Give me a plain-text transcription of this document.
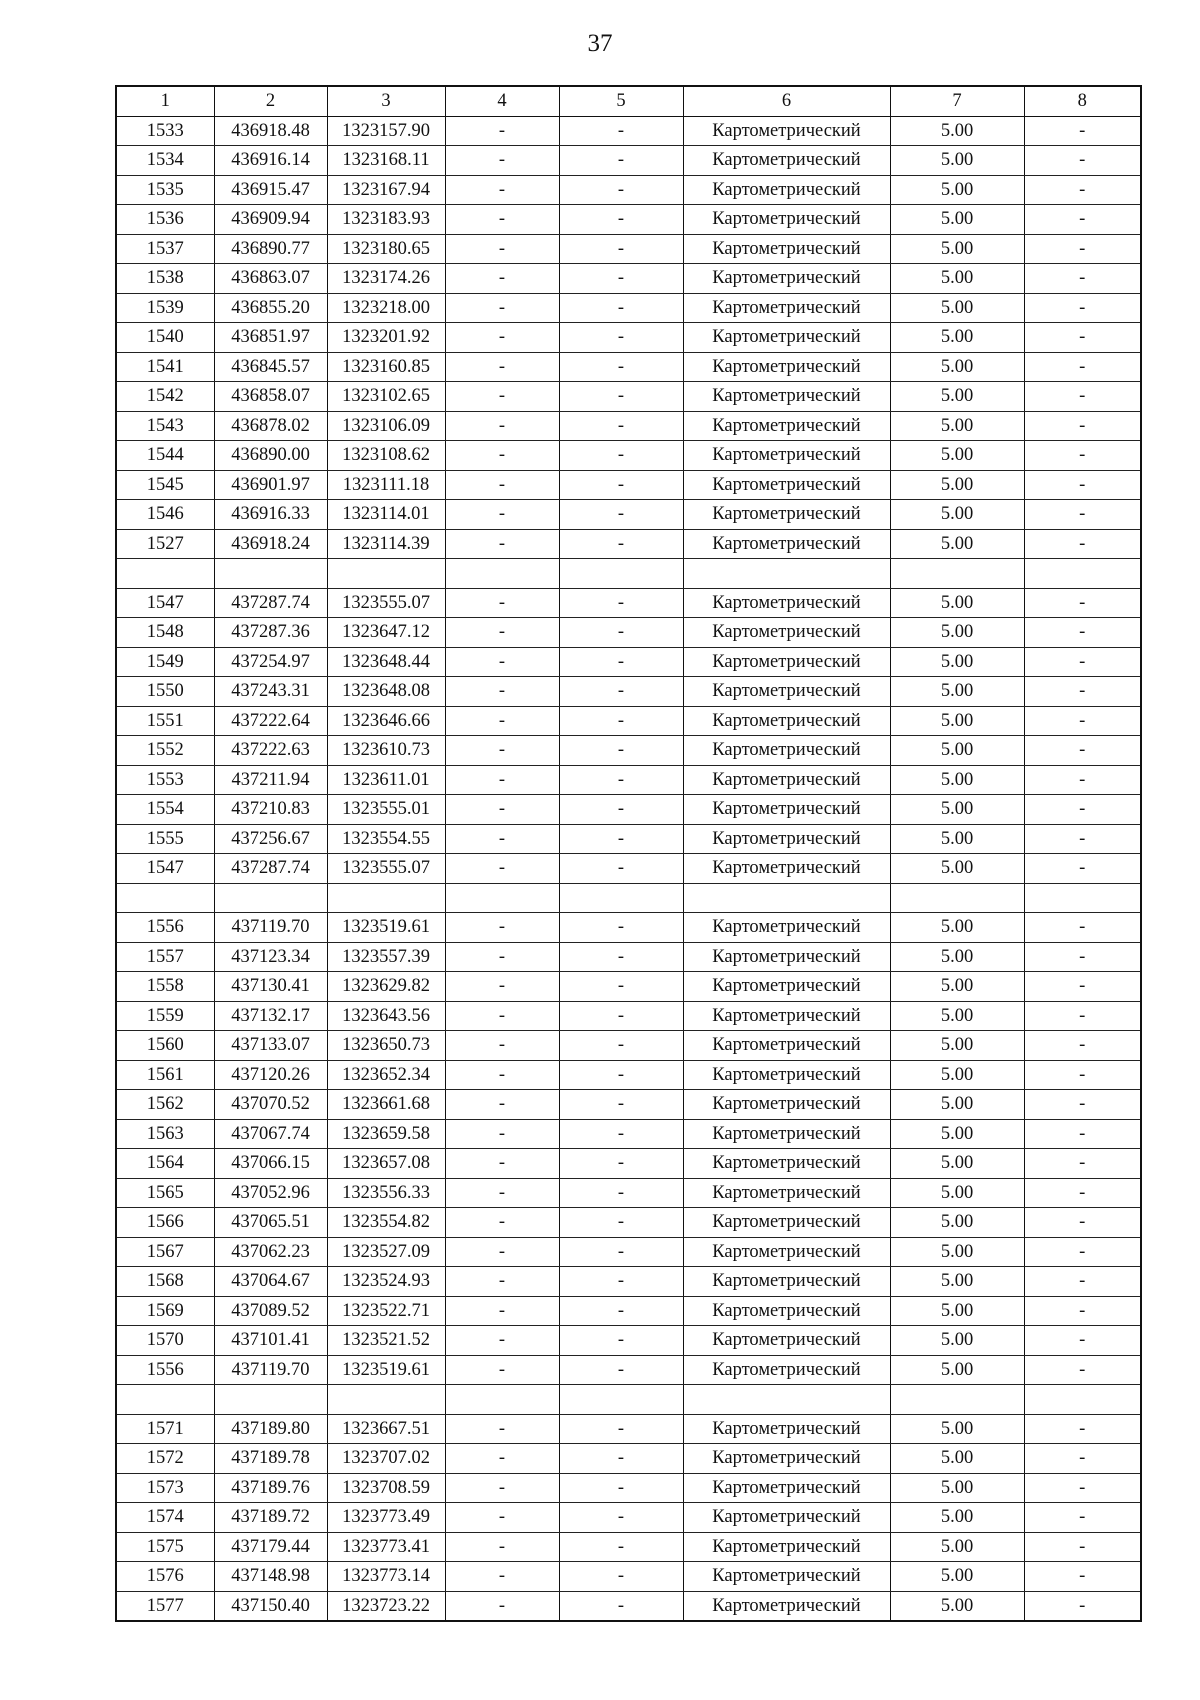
37
1	2	3	4	5	6	7	8
1533	436918.48	1323157.90	-	-	Картометрический	5.00	-
1534	436916.14	1323168.11	-	-	Картометрический	5.00	-
1535	436915.47	1323167.94	-	-	Картометрический	5.00	-
1536	436909.94	1323183.93	-	-	Картометрический	5.00	-
1537	436890.77	1323180.65	-	-	Картометрический	5.00	-
1538	436863.07	1323174.26	-	-	Картометрический	5.00	-
1539	436855.20	1323218.00	-	-	Картометрический	5.00	-
1540	436851.97	1323201.92	-	-	Картометрический	5.00	-
1541	436845.57	1323160.85	-	-	Картометрический	5.00	-
1542	436858.07	1323102.65	-	-	Картометрический	5.00	-
1543	436878.02	1323106.09	-	-	Картометрический	5.00	-
1544	436890.00	1323108.62	-	-	Картометрический	5.00	-
1545	436901.97	1323111.18	-	-	Картометрический	5.00	-
1546	436916.33	1323114.01	-	-	Картометрический	5.00	-
1527	436918.24	1323114.39	-	-	Картометрический	5.00	-

1547	437287.74	1323555.07	-	-	Картометрический	5.00	-
1548	437287.36	1323647.12	-	-	Картометрический	5.00	-
1549	437254.97	1323648.44	-	-	Картометрический	5.00	-
1550	437243.31	1323648.08	-	-	Картометрический	5.00	-
1551	437222.64	1323646.66	-	-	Картометрический	5.00	-
1552	437222.63	1323610.73	-	-	Картометрический	5.00	-
1553	437211.94	1323611.01	-	-	Картометрический	5.00	-
1554	437210.83	1323555.01	-	-	Картометрический	5.00	-
1555	437256.67	1323554.55	-	-	Картометрический	5.00	-
1547	437287.74	1323555.07	-	-	Картометрический	5.00	-

1556	437119.70	1323519.61	-	-	Картометрический	5.00	-
1557	437123.34	1323557.39	-	-	Картометрический	5.00	-
1558	437130.41	1323629.82	-	-	Картометрический	5.00	-
1559	437132.17	1323643.56	-	-	Картометрический	5.00	-
1560	437133.07	1323650.73	-	-	Картометрический	5.00	-
1561	437120.26	1323652.34	-	-	Картометрический	5.00	-
1562	437070.52	1323661.68	-	-	Картометрический	5.00	-
1563	437067.74	1323659.58	-	-	Картометрический	5.00	-
1564	437066.15	1323657.08	-	-	Картометрический	5.00	-
1565	437052.96	1323556.33	-	-	Картометрический	5.00	-
1566	437065.51	1323554.82	-	-	Картометрический	5.00	-
1567	437062.23	1323527.09	-	-	Картометрический	5.00	-
1568	437064.67	1323524.93	-	-	Картометрический	5.00	-
1569	437089.52	1323522.71	-	-	Картометрический	5.00	-
1570	437101.41	1323521.52	-	-	Картометрический	5.00	-
1556	437119.70	1323519.61	-	-	Картометрический	5.00	-

1571	437189.80	1323667.51	-	-	Картометрический	5.00	-
1572	437189.78	1323707.02	-	-	Картометрический	5.00	-
1573	437189.76	1323708.59	-	-	Картометрический	5.00	-
1574	437189.72	1323773.49	-	-	Картометрический	5.00	-
1575	437179.44	1323773.41	-	-	Картометрический	5.00	-
1576	437148.98	1323773.14	-	-	Картометрический	5.00	-
1577	437150.40	1323723.22	-	-	Картометрический	5.00	-
